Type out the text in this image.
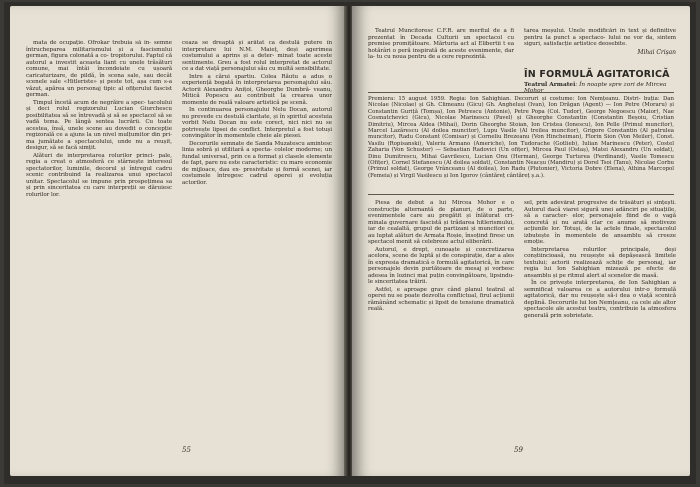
mata de ocupație. Ofrokar trebuia să în- semne întrucheparea militarismului și a fascismului german, figura colonată a co- tropitorului. Faptul că autorul a investit aceasta liant cu unele trăsături comune, mai întâi încondeiate cu ușoară caricaturizare, de pildă, în scena sale, sau decât scenele sale «Hitleriste» și peste tot, așa cum s-a văzut, apărea un personaj tipic al ofițerului fascist german.

Timpul încetă acum de negrăire a spec- tacolului și deci rolul regizorului Lucian Giurchescu posibilitatea să se întrevadă și să se spectacol să se vadă tema. Pe lângă sentea lucrării. Cu toate acestea, însă, unele scene au dovedit o concepție regizorală ce a ajuns la un nivel mulțumitor din pri- ma jumătate a spectacolului, unde nu a reușit, desigur, să se facă simțit.

Alături de interpretarea rolurilor princi- pale, regia a creat o atmosferă ce stârnește interesul spectatorilor, luminile, decorul și întregul cadru scenic contribuind la realizarea unui spectacol unitar. Spectacolul se impune prin prospețimea sa și prin sinceritatea cu care interpreții se dăruiesc rolurilor lor.

ceaza se dreaptă și arătat ca destulă putere în interpretare lui N.M. Maieț, deși agerimea costumului a aprins și a deter- minat toate aceste sentimente. Greu a fost rolul interpretat de actorul ce a dat viață personajului său cu multă sensibilitate.

Intre a cărui spartiu. Colea Răutu a adus o experiență bogată în interpretarea personajului său. Actorii Alexandru Anițoi, Gheorghe Dumbră- veanu, Mitică Popescu au contribuit la crearea unor momente de reală valoare artistică pe scenă.

In continuarea personajului Nelu Docan, autorul nu prevede cu destulă claritate, și în spiritul acestuia vorbit Nelu Docan nu este corect, nici nici nu se potrivește lipsei de conflict. Interpretul a fost totuși convingător în momentele cheie ale piesei.

Decorurile semnate de Sanda Muzatescu amintesc linia sobră și utilitară a specta- colelor moderne; un fundal universal, prin ce a format și clasele elemente de fapt, pare nu este caracteristic: cu mare economie de mijloace, dau ex- presivitate și formă scenei, iar costumele întregesc cadrul operei și evoluția actorilor.

55

Teatrul Muncitoresc C.F.R. are meritul de a fi prezentat în Decada Culturii un spectacol cu premise promițătoare. Mărturia act al Elibertii t ea hotărâri o peră inspirată de aceste evenimente, dar la- tu cu noua pentru de a cere reprezintă.

tarea meșului. Unele modificări în text și definitive pentru la punct a spectaco- lului ne vor da, sintem siguri, satisfacție artistice deosebite.

Mihai Crișan
ÎN FORMULĂ AGITATORICĂ
Teatrul Armatei: În noapte spre zori de Mircea Mohor
Premiera: 15 august 1959. Regia: Ion Sahighian. Decoruri și costume: Ion Nemțeanu. Distri- buția: Dan Nicolae (Nicolae) și Gh. Climeanu (Gicu) Gh. Angheluși (Ivan), Ion Drăgan (Agent) — Ion Petre (Moraru) și Constantin Guriță (Tomșa), Ion Petrescu (Antonie), Petre Popa (Col. Tudor), George Negoescu (Maior), Nae Cosmatchevici (Gicu), Nicolae Marinescu (Pavel) și Gheorghe Constantin (Constantin Beșoiu, Cristian Dimitriu), Mircea Aldea (Mihai), Dorin Gheorghe Stoian, Ion Cristea (Ionescu), Ion Pelle (Primul muncitor), Marcel Lazărescu (Al doilea muncitor), Lupu Vasile (Al treilea muncitor), Grigore Constantin (Al patrulea muncitor), Radu Constant (Comisar) și Corneliu Brezeanu (Von Hincheiman), Florin Sion (Von Meiler), Const. Vasilu (Ropisanski), Valeriu Armano (Americhe), Ion Tudorache (Gotlieb), Iulian Marinescu (Peter), Costel Zaharia (Von Schuster) — Sebastian Radovici (Un ofițer), Mircea Paul (Ostaș), Matei Alexandru (Un soldat), Dinu Dumitrescu, Mihai Gavrilescu, Lucian Onu (Herman), George Turturea (Ferdinand), Vasile Tomescu (Ofițer), Cornel Stefanescu (Al doilea soldat), Constantin Neacșu (Mandiru) și Dorel Tsoi (Tanu), Nicolae Corbu (Primul soldat), George Vrânceanu (Al doilea), Ion Radu (Plutonier), Victoria Dobre (Elena), Athina Marcopol (Femeia) și Virgil Vasilescu și Ion Igorov (cântăreț cântăreț ș.a.).

Piesa de debut a lui Mircea Mohor e o construcție alternantă de planuri, de o parte, evenimentele care au pregătit și înlăturat cri- minala guvernare fascistă și trădarea hitlerismului, iar de cealaltă, grupul de partizani și muncitori ce au luptat alături de Armata Roșie, însoțind firesc un spectacol menit să celebreze actul eliberării.

Autorul, e drept, cunoaște și concretizarea acelora, scene de luptă și de conspirație, dar a ales în expresia dramatică o formulă agitatorică, în care personajele devin purtătoare de mesaj și vorbesc adesea în lozinci mai puțin convingătoare, lipsindu-le sinceritatea trăirii.

Astfel, e aproape grav când planul teatral al operei nu se poate dezvolta conflictual, firul acțiunii rămânând schematic și lipsit de tensiune dramatică reală.

sel, prin adevărat progresive de trăsături și sințești. Autorul dacă viarei sigură unei adânciri pe situațiile, să a caracter- elor, personajele fiind de o vagă concretă și nu arată clar ce anume să motiveze acțiunile lor. Totuși, de la actele finale, spectacolul izbutește în momentele de ansamblu să creeze emoție.

Interpretarea rolurilor principale, deși conștiincioasă, nu reușește să depășească limitele textului; actorii realizează schițe de personaj, iar regia lui Ion Sahighian mizează pe efecte de ansamblu și pe ritmul alert al scenelor de masă.

În ce privește interpretarea, de Ion Sahighian a semnificat valoarea ce a autorului intr-o formulă agitatorică, dar nu reușește să-i dea o viață scenică deplină. Decorurile lui Ion Nemțeanu, ca cele ale altor spectacole ale acestui teatru, contribuie la atmosfera generală prin sobrietate.

59
